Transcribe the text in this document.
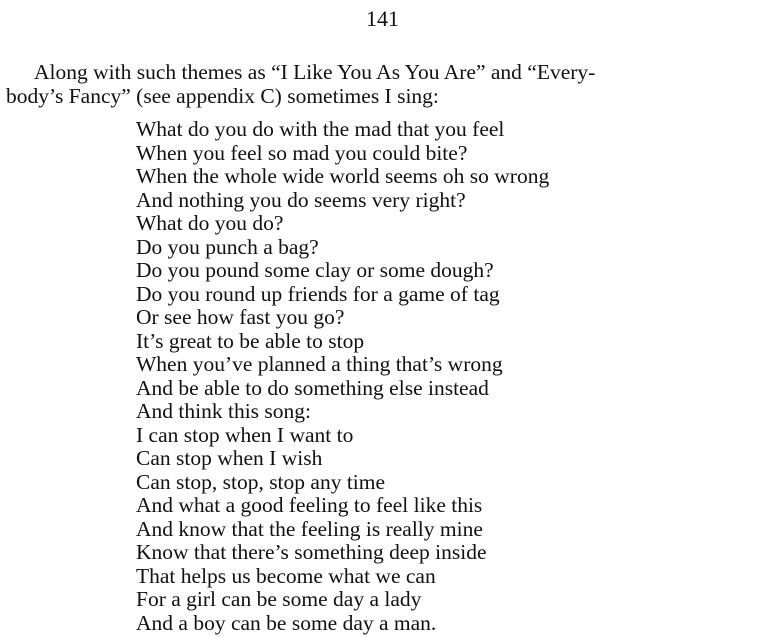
141
Along with such themes as “I Like You As You Are” and “Every-
body’s Fancy” (see appendix C) sometimes I sing:
What do you do with the mad that you feel
When you feel so mad you could bite?
When the whole wide world seems oh so wrong
And nothing you do seems very right?
What do you do?
Do you punch a bag?
Do you pound some clay or some dough?
Do you round up friends for a game of tag
Or see how fast you go?
It’s great to be able to stop
When you’ve planned a thing that’s wrong
And be able to do something else instead
And think this song:
I can stop when I want to
Can stop when I wish
Can stop, stop, stop any time
And what a good feeling to feel like this
And know that the feeling is really mine
Know that there’s something deep inside
That helps us become what we can
For a girl can be some day a lady
And a boy can be some day a man.
